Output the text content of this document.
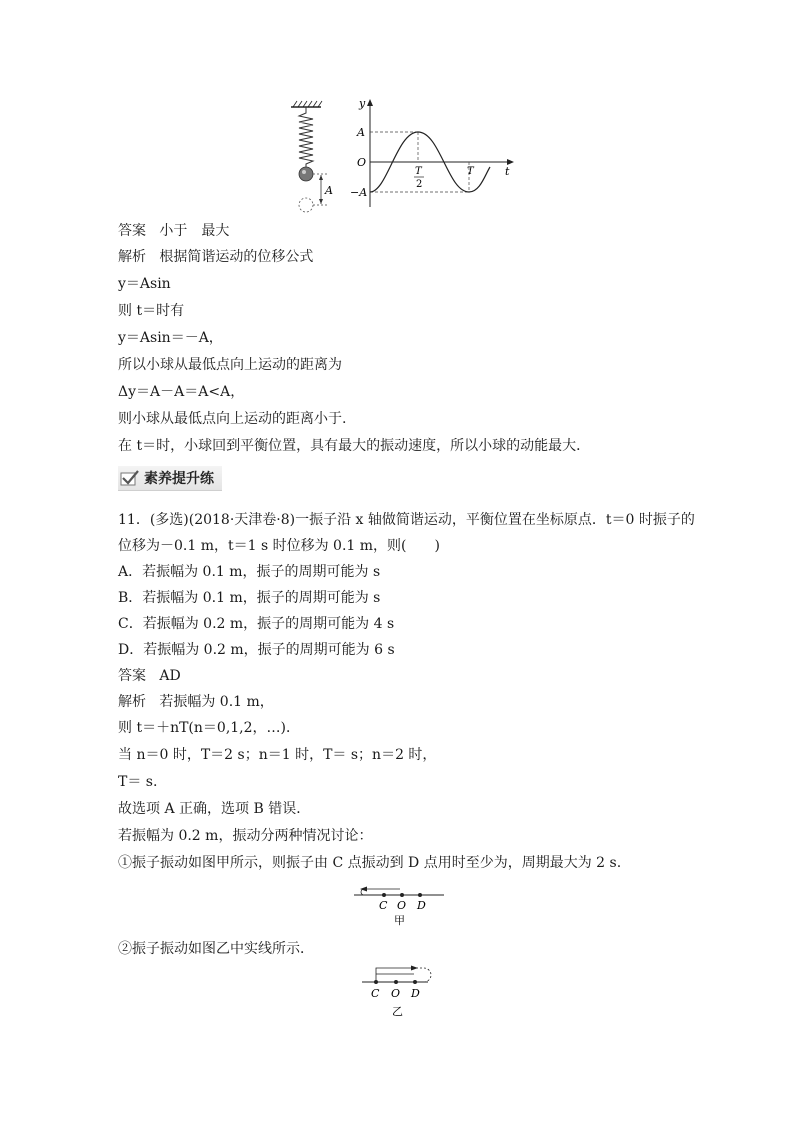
A
y
t
A
O
−A
T
2
T
答案 小于　最大
解析 根据简谐运动的位移公式
y＝Asin
则 t＝时有
y＝Asin＝－A，
所以小球从最低点向上运动的距离为
Δy＝A－A＝A<A，
则小球从最低点向上运动的距离小于.
在 t＝时，小球回到平衡位置，具有最大的振动速度，所以小球的动能最大．
素养提升练
11．(多选)(2018·天津卷·8)一振子沿 x 轴做简谐运动，平衡位置在坐标原点．t＝0 时振子的
位移为－0.1 m，t＝1 s 时位移为 0.1 m，则(　　)
A．若振幅为 0.1 m，振子的周期可能为 s
B．若振幅为 0.1 m，振子的周期可能为 s
C．若振幅为 0.2 m，振子的周期可能为 4 s
D．若振幅为 0.2 m，振子的周期可能为 6 s
答案 AD
解析 若振幅为 0.1 m，
则 t＝＋nT(n＝0,1,2，…)．
当 n＝0 时，T＝2 s；n＝1 时，T＝ s；n＝2 时，
T＝ s.
故选项 A 正确，选项 B 错误．
若振幅为 0.2 m，振动分两种情况讨论：
①振子振动如图甲所示，则振子由 C 点振动到 D 点用时至少为，周期最大为 2 s.
C O D
甲
②振子振动如图乙中实线所示．
C O D
乙
